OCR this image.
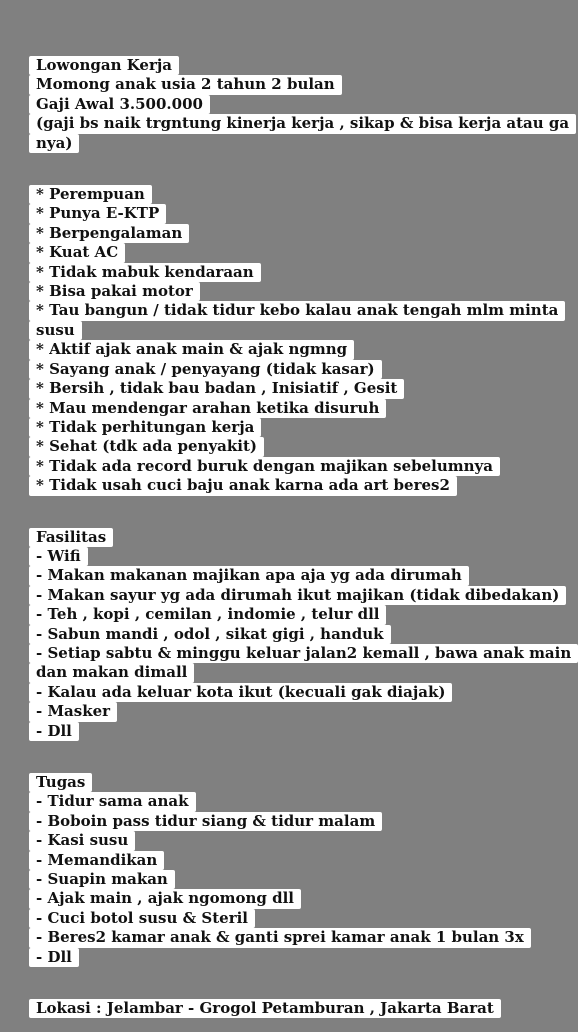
Lowongan Kerja
Momong anak usia 2 tahun 2 bulan
Gaji Awal 3.500.000
(gaji bs naik trgntung kinerja kerja , sikap & bisa kerja atau ga
nya)
* Perempuan
* Punya E-KTP
* Berpengalaman
* Kuat AC
* Tidak mabuk kendaraan
* Bisa pakai motor
* Tau bangun / tidak tidur kebo kalau anak tengah mlm minta
susu
* Aktif ajak anak main & ajak ngmng
* Sayang anak / penyayang (tidak kasar)
* Bersih , tidak bau badan , Inisiatif , Gesit
* Mau mendengar arahan ketika disuruh
* Tidak perhitungan kerja
* Sehat (tdk ada penyakit)
* Tidak ada record buruk dengan majikan sebelumnya
* Tidak usah cuci baju anak karna ada art beres2
Fasilitas
- Wifi
- Makan makanan majikan apa aja yg ada dirumah
- Makan sayur yg ada dirumah ikut majikan (tidak dibedakan)
- Teh , kopi , cemilan , indomie , telur dll
- Sabun mandi , odol , sikat gigi , handuk
- Setiap sabtu & minggu keluar jalan2 kemall , bawa anak main
dan makan dimall
- Kalau ada keluar kota ikut (kecuali gak diajak)
- Masker
- Dll
Tugas
- Tidur sama anak
- Boboin pass tidur siang & tidur malam
- Kasi susu
- Memandikan
- Suapin makan
- Ajak main , ajak ngomong dll
- Cuci botol susu & Steril
- Beres2 kamar anak & ganti sprei kamar anak 1 bulan 3x
- Dll
Lokasi : Jelambar - Grogol Petamburan , Jakarta Barat
